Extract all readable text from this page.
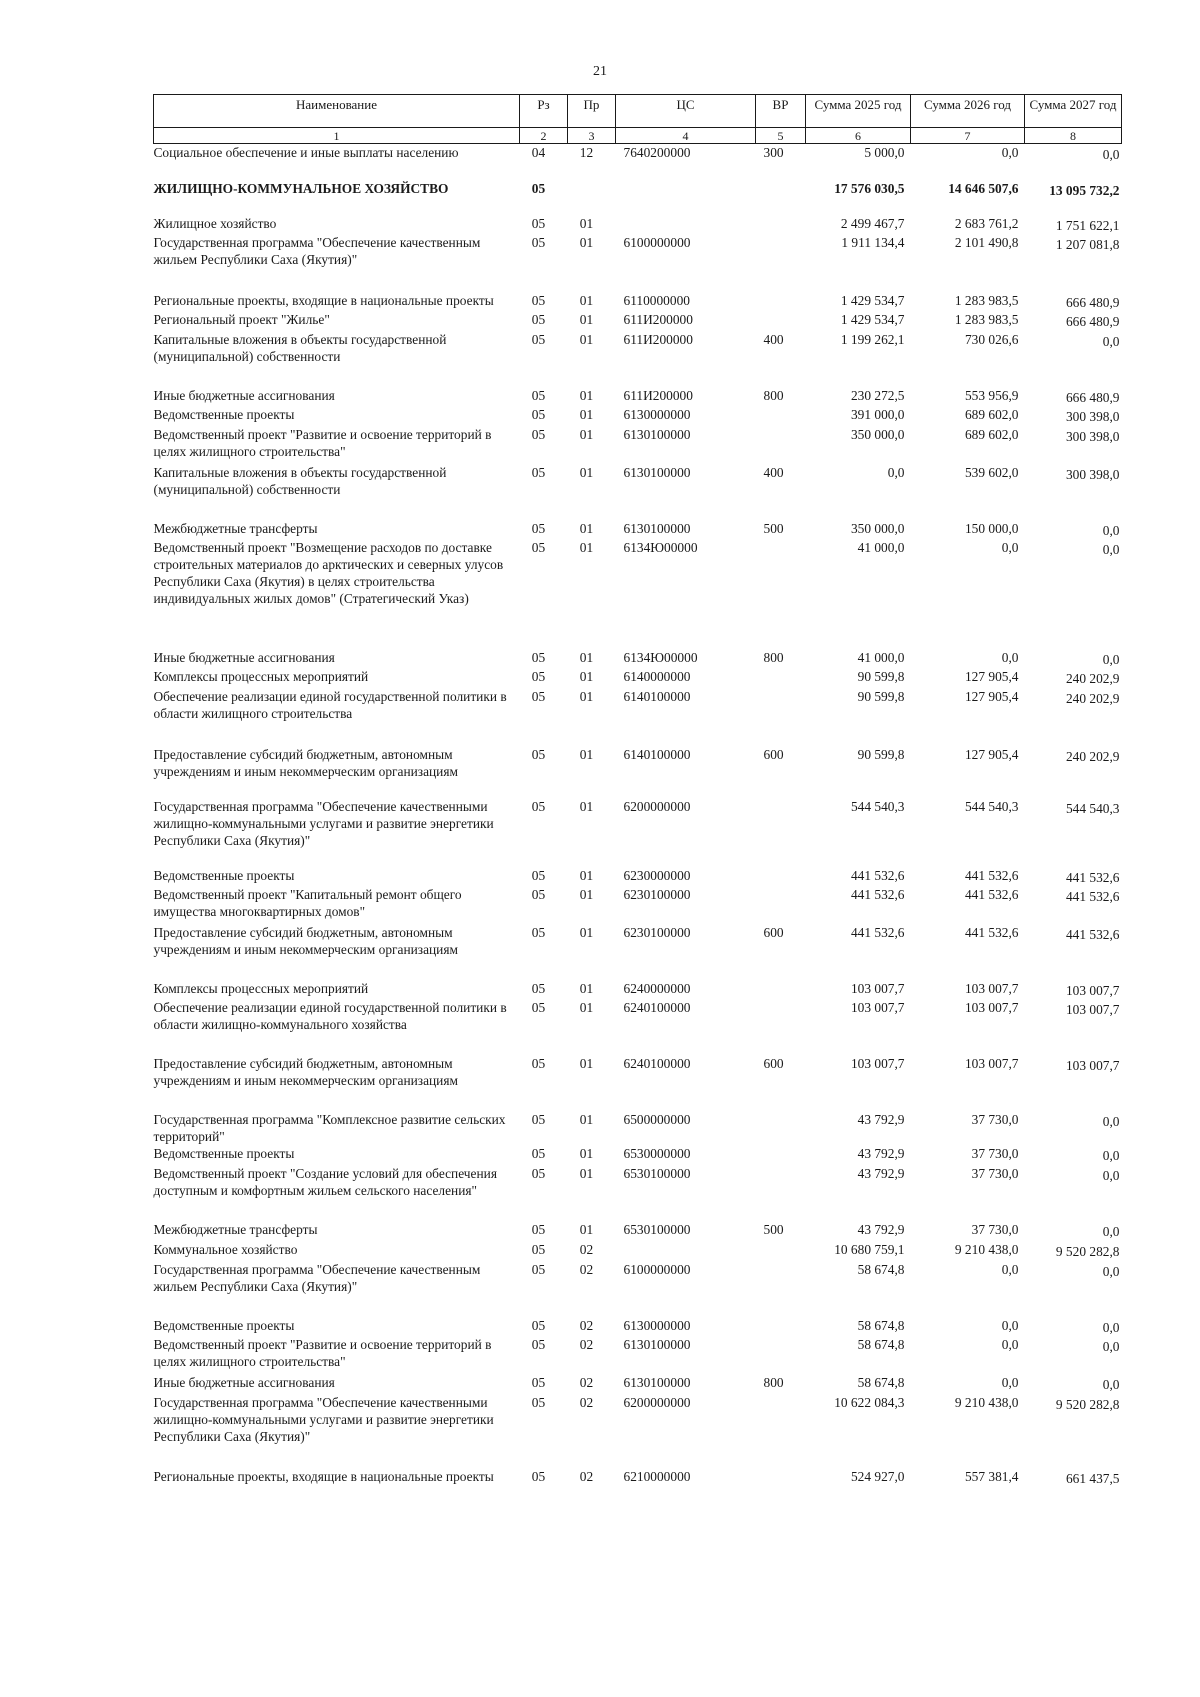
21
Наименование	Рз	Пр	ЦС	ВР	Сумма 2025 год	Сумма 2026 год	Сумма 2027 год
1	2	3	4	5	6	7	8
Социальное обеспечение и иные выплаты населению	04	12	7640200000	300	5 000,0	0,0	0,0
ЖИЛИЩНО-КОММУНАЛЬНОЕ ХОЗЯЙСТВО	05				17 576 030,5	14 646 507,6	13 095 732,2
Жилищное хозяйство	05	01			2 499 467,7	2 683 761,2	1 751 622,1
Государственная программа "Обеспечение качественным жильем Республики Саха (Якутия)"	05	01	6100000000		1 911 134,4	2 101 490,8	1 207 081,8
Региональные проекты, входящие в национальные проекты	05	01	6110000000		1 429 534,7	1 283 983,5	666 480,9
Региональный проект "Жилье"	05	01	611И200000		1 429 534,7	1 283 983,5	666 480,9
Капитальные вложения в объекты государственной (муниципальной) собственности	05	01	611И200000	400	1 199 262,1	730 026,6	0,0
Иные бюджетные ассигнования	05	01	611И200000	800	230 272,5	553 956,9	666 480,9
Ведомственные проекты	05	01	6130000000		391 000,0	689 602,0	300 398,0
Ведомственный проект "Развитие и освоение территорий в целях жилищного строительства"	05	01	6130100000		350 000,0	689 602,0	300 398,0
Капитальные вложения в объекты государственной (муниципальной) собственности	05	01	6130100000	400	0,0	539 602,0	300 398,0
Межбюджетные трансферты	05	01	6130100000	500	350 000,0	150 000,0	0,0
Ведомственный проект "Возмещение расходов по доставке строительных материалов до арктических и северных улусов Республики Саха (Якутия) в целях строительства индивидуальных жилых домов" (Стратегический Указ)	05	01	6134Ю00000		41 000,0	0,0	0,0
Иные бюджетные ассигнования	05	01	6134Ю00000	800	41 000,0	0,0	0,0
Комплексы процессных мероприятий	05	01	6140000000		90 599,8	127 905,4	240 202,9
Обеспечение реализации единой государственной политики в области жилищного строительства	05	01	6140100000		90 599,8	127 905,4	240 202,9
Предоставление субсидий бюджетным, автономным учреждениям и иным некоммерческим организациям	05	01	6140100000	600	90 599,8	127 905,4	240 202,9
Государственная программа "Обеспечение качественными жилищно-коммунальными услугами и развитие энергетики Республики Саха (Якутия)"	05	01	6200000000		544 540,3	544 540,3	544 540,3
Ведомственные проекты	05	01	6230000000		441 532,6	441 532,6	441 532,6
Ведомственный проект "Капитальный ремонт общего имущества многоквартирных домов"	05	01	6230100000		441 532,6	441 532,6	441 532,6
Предоставление субсидий бюджетным, автономным учреждениям и иным некоммерческим организациям	05	01	6230100000	600	441 532,6	441 532,6	441 532,6
Комплексы процессных мероприятий	05	01	6240000000		103 007,7	103 007,7	103 007,7
Обеспечение реализации единой государственной политики в области жилищно-коммунального хозяйства	05	01	6240100000		103 007,7	103 007,7	103 007,7
Предоставление субсидий бюджетным, автономным учреждениям и иным некоммерческим организациям	05	01	6240100000	600	103 007,7	103 007,7	103 007,7
Государственная программа "Комплексное развитие сельских территорий"	05	01	6500000000		43 792,9	37 730,0	0,0
Ведомственные проекты	05	01	6530000000		43 792,9	37 730,0	0,0
Ведомственный проект "Создание условий для обеспечения доступным и комфортным жильем сельского населения"	05	01	6530100000		43 792,9	37 730,0	0,0
Межбюджетные трансферты	05	01	6530100000	500	43 792,9	37 730,0	0,0
Коммунальное хозяйство	05	02			10 680 759,1	9 210 438,0	9 520 282,8
Государственная программа "Обеспечение качественным жильем Республики Саха (Якутия)"	05	02	6100000000		58 674,8	0,0	0,0
Ведомственные проекты	05	02	6130000000		58 674,8	0,0	0,0
Ведомственный проект "Развитие и освоение территорий в целях жилищного строительства"	05	02	6130100000		58 674,8	0,0	0,0
Иные бюджетные ассигнования	05	02	6130100000	800	58 674,8	0,0	0,0
Государственная программа "Обеспечение качественными жилищно-коммунальными услугами и развитие энергетики Республики Саха (Якутия)"	05	02	6200000000		10 622 084,3	9 210 438,0	9 520 282,8
Региональные проекты, входящие в национальные проекты	05	02	6210000000		524 927,0	557 381,4	661 437,5
